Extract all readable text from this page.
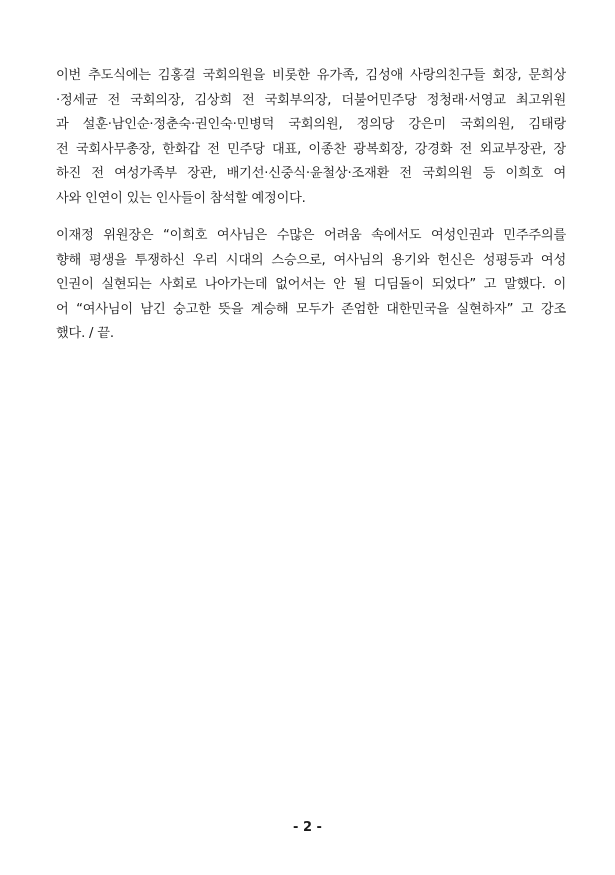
이번 추도식에는 김홍걸 국회의원을 비롯한 유가족, 김성애 사랑의친구들 회장, 문희상
·정세균 전 국회의장, 김상희 전 국회부의장, 더불어민주당 정청래·서영교 최고위원
과 설훈·남인순·정춘숙·권인숙·민병덕 국회의원, 정의당 강은미 국회의원, 김태랑
전 국회사무총장, 한화갑 전 민주당 대표, 이종찬 광복회장, 강경화 전 외교부장관, 장
하진 전 여성가족부 장관, 배기선·신중식·윤철상·조재환 전 국회의원 등 이희호 여
사와 인연이 있는 인사들이 참석할 예정이다.

이재정 위원장은 “이희호 여사님은 수많은 어려움 속에서도 여성인권과 민주주의를
향해 평생을 투쟁하신 우리 시대의 스승으로, 여사님의 용기와 헌신은 성평등과 여성
인권이 실현되는 사회로 나아가는데 없어서는 안 될 디딤돌이 되었다” 고 말했다. 이
어 “여사님이 남긴 숭고한 뜻을 계승해 모두가 존엄한 대한민국을 실현하자” 고 강조
했다. / 끝.

- 2 -
